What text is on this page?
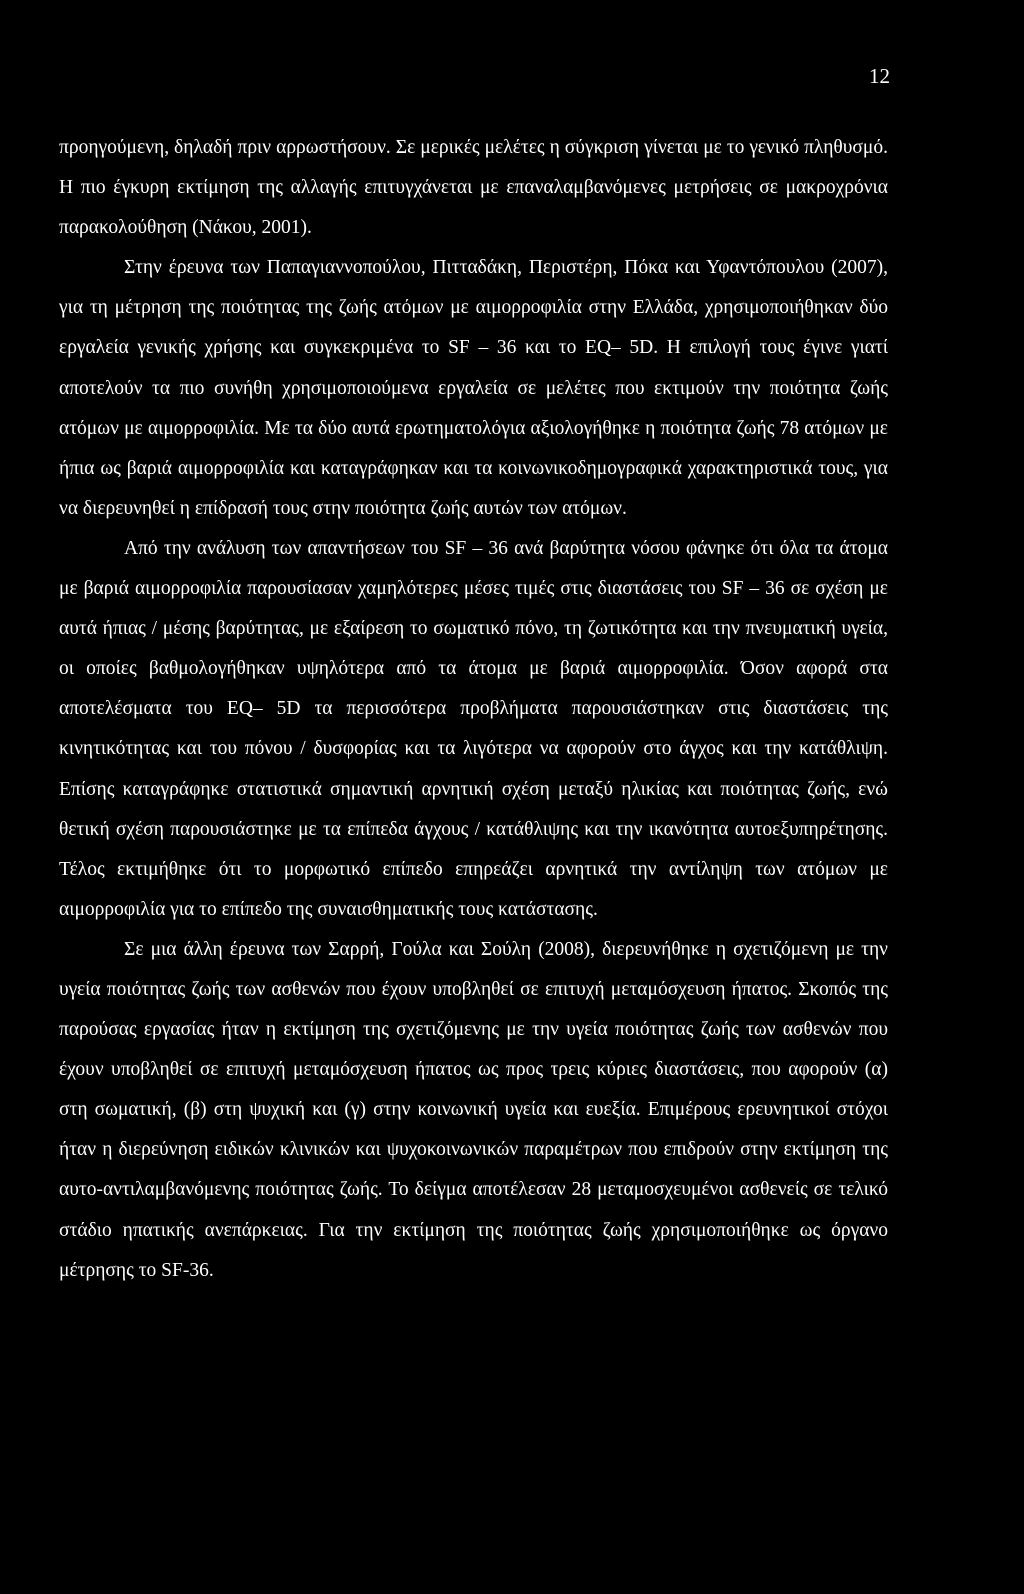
12

προηγούμενη, δηλαδή πριν αρρωστήσουν. Σε μερικές μελέτες η σύγκριση γίνεται με το γενικό πληθυσμό. Η πιο έγκυρη εκτίμηση της αλλαγής επιτυγχάνεται με επαναλαμβανόμενες μετρήσεις σε μακροχρόνια παρακολούθηση (Νάκου, 2001).

Στην έρευνα των Παπαγιαννοπούλου, Πιτταδάκη, Περιστέρη, Πόκα και Υφαντόπουλου (2007), για τη μέτρηση της ποιότητας της ζωής ατόμων με αιμορροφιλία στην Ελλάδα, χρησιμοποιήθηκαν δύο εργαλεία γενικής χρήσης και συγκεκριμένα το SF – 36 και το EQ– 5D. Η επιλογή τους έγινε γιατί αποτελούν τα πιο συνήθη χρησιμοποιούμενα εργαλεία σε μελέτες που εκτιμούν την ποιότητα ζωής ατόμων με αιμορροφιλία. Με τα δύο αυτά ερωτηματολόγια αξιολογήθηκε η ποιότητα ζωής 78 ατόμων με ήπια ως βαριά αιμορροφιλία και καταγράφηκαν και τα κοινωνικοδημογραφικά χαρακτηριστικά τους, για να διερευνηθεί η επίδρασή τους στην ποιότητα ζωής αυτών των ατόμων.

Από την ανάλυση των απαντήσεων του SF – 36 ανά βαρύτητα νόσου φάνηκε ότι όλα τα άτομα με βαριά αιμορροφιλία παρουσίασαν χαμηλότερες μέσες τιμές στις διαστάσεις του SF – 36 σε σχέση με αυτά ήπιας / μέσης βαρύτητας, με εξαίρεση το σωματικό πόνο, τη ζωτικότητα και την πνευματική υγεία, οι οποίες βαθμολογήθηκαν υψηλότερα από τα άτομα με βαριά αιμορροφιλία. Όσον αφορά στα αποτελέσματα του EQ– 5D τα περισσότερα προβλήματα παρουσιάστηκαν στις διαστάσεις της κινητικότητας και του πόνου / δυσφορίας και τα λιγότερα να αφορούν στο άγχος και την κατάθλιψη. Επίσης καταγράφηκε στατιστικά σημαντική αρνητική σχέση μεταξύ ηλικίας και ποιότητας ζωής, ενώ θετική σχέση παρουσιάστηκε με τα επίπεδα άγχους / κατάθλιψης και την ικανότητα αυτοεξυπηρέτησης. Τέλος εκτιμήθηκε ότι το μορφωτικό επίπεδο επηρεάζει αρνητικά την αντίληψη των ατόμων με αιμορροφιλία για το επίπεδο της συναισθηματικής τους κατάστασης.

Σε μια άλλη έρευνα των Σαρρή, Γούλα και Σούλη (2008), διερευνήθηκε η σχετιζόμενη με την υγεία ποιότητας ζωής των ασθενών που έχουν υποβληθεί σε επιτυχή μεταμόσχευση ήπατος. Σκοπός της παρούσας εργασίας ήταν η εκτίμηση της σχετιζόμενης με την υγεία ποιότητας ζωής των ασθενών που έχουν υποβληθεί σε επιτυχή μεταμόσχευση ήπατος ως προς τρεις κύριες διαστάσεις, που αφορούν (α) στη σωματική, (β) στη ψυχική και (γ) στην κοινωνική υγεία και ευεξία. Επιμέρους ερευνητικοί στόχοι ήταν η διερεύνηση ειδικών κλινικών και ψυχοκοινωνικών παραμέτρων που επιδρούν στην εκτίμηση της αυτο-αντιλαμβανόμενης ποιότητας ζωής. Το δείγμα αποτέλεσαν 28 μεταμοσχευμένοι ασθενείς σε τελικό στάδιο ηπατικής ανεπάρκειας. Για την εκτίμηση της ποιότητας ζωής χρησιμοποιήθηκε ως όργανο μέτρησης το SF-36.
